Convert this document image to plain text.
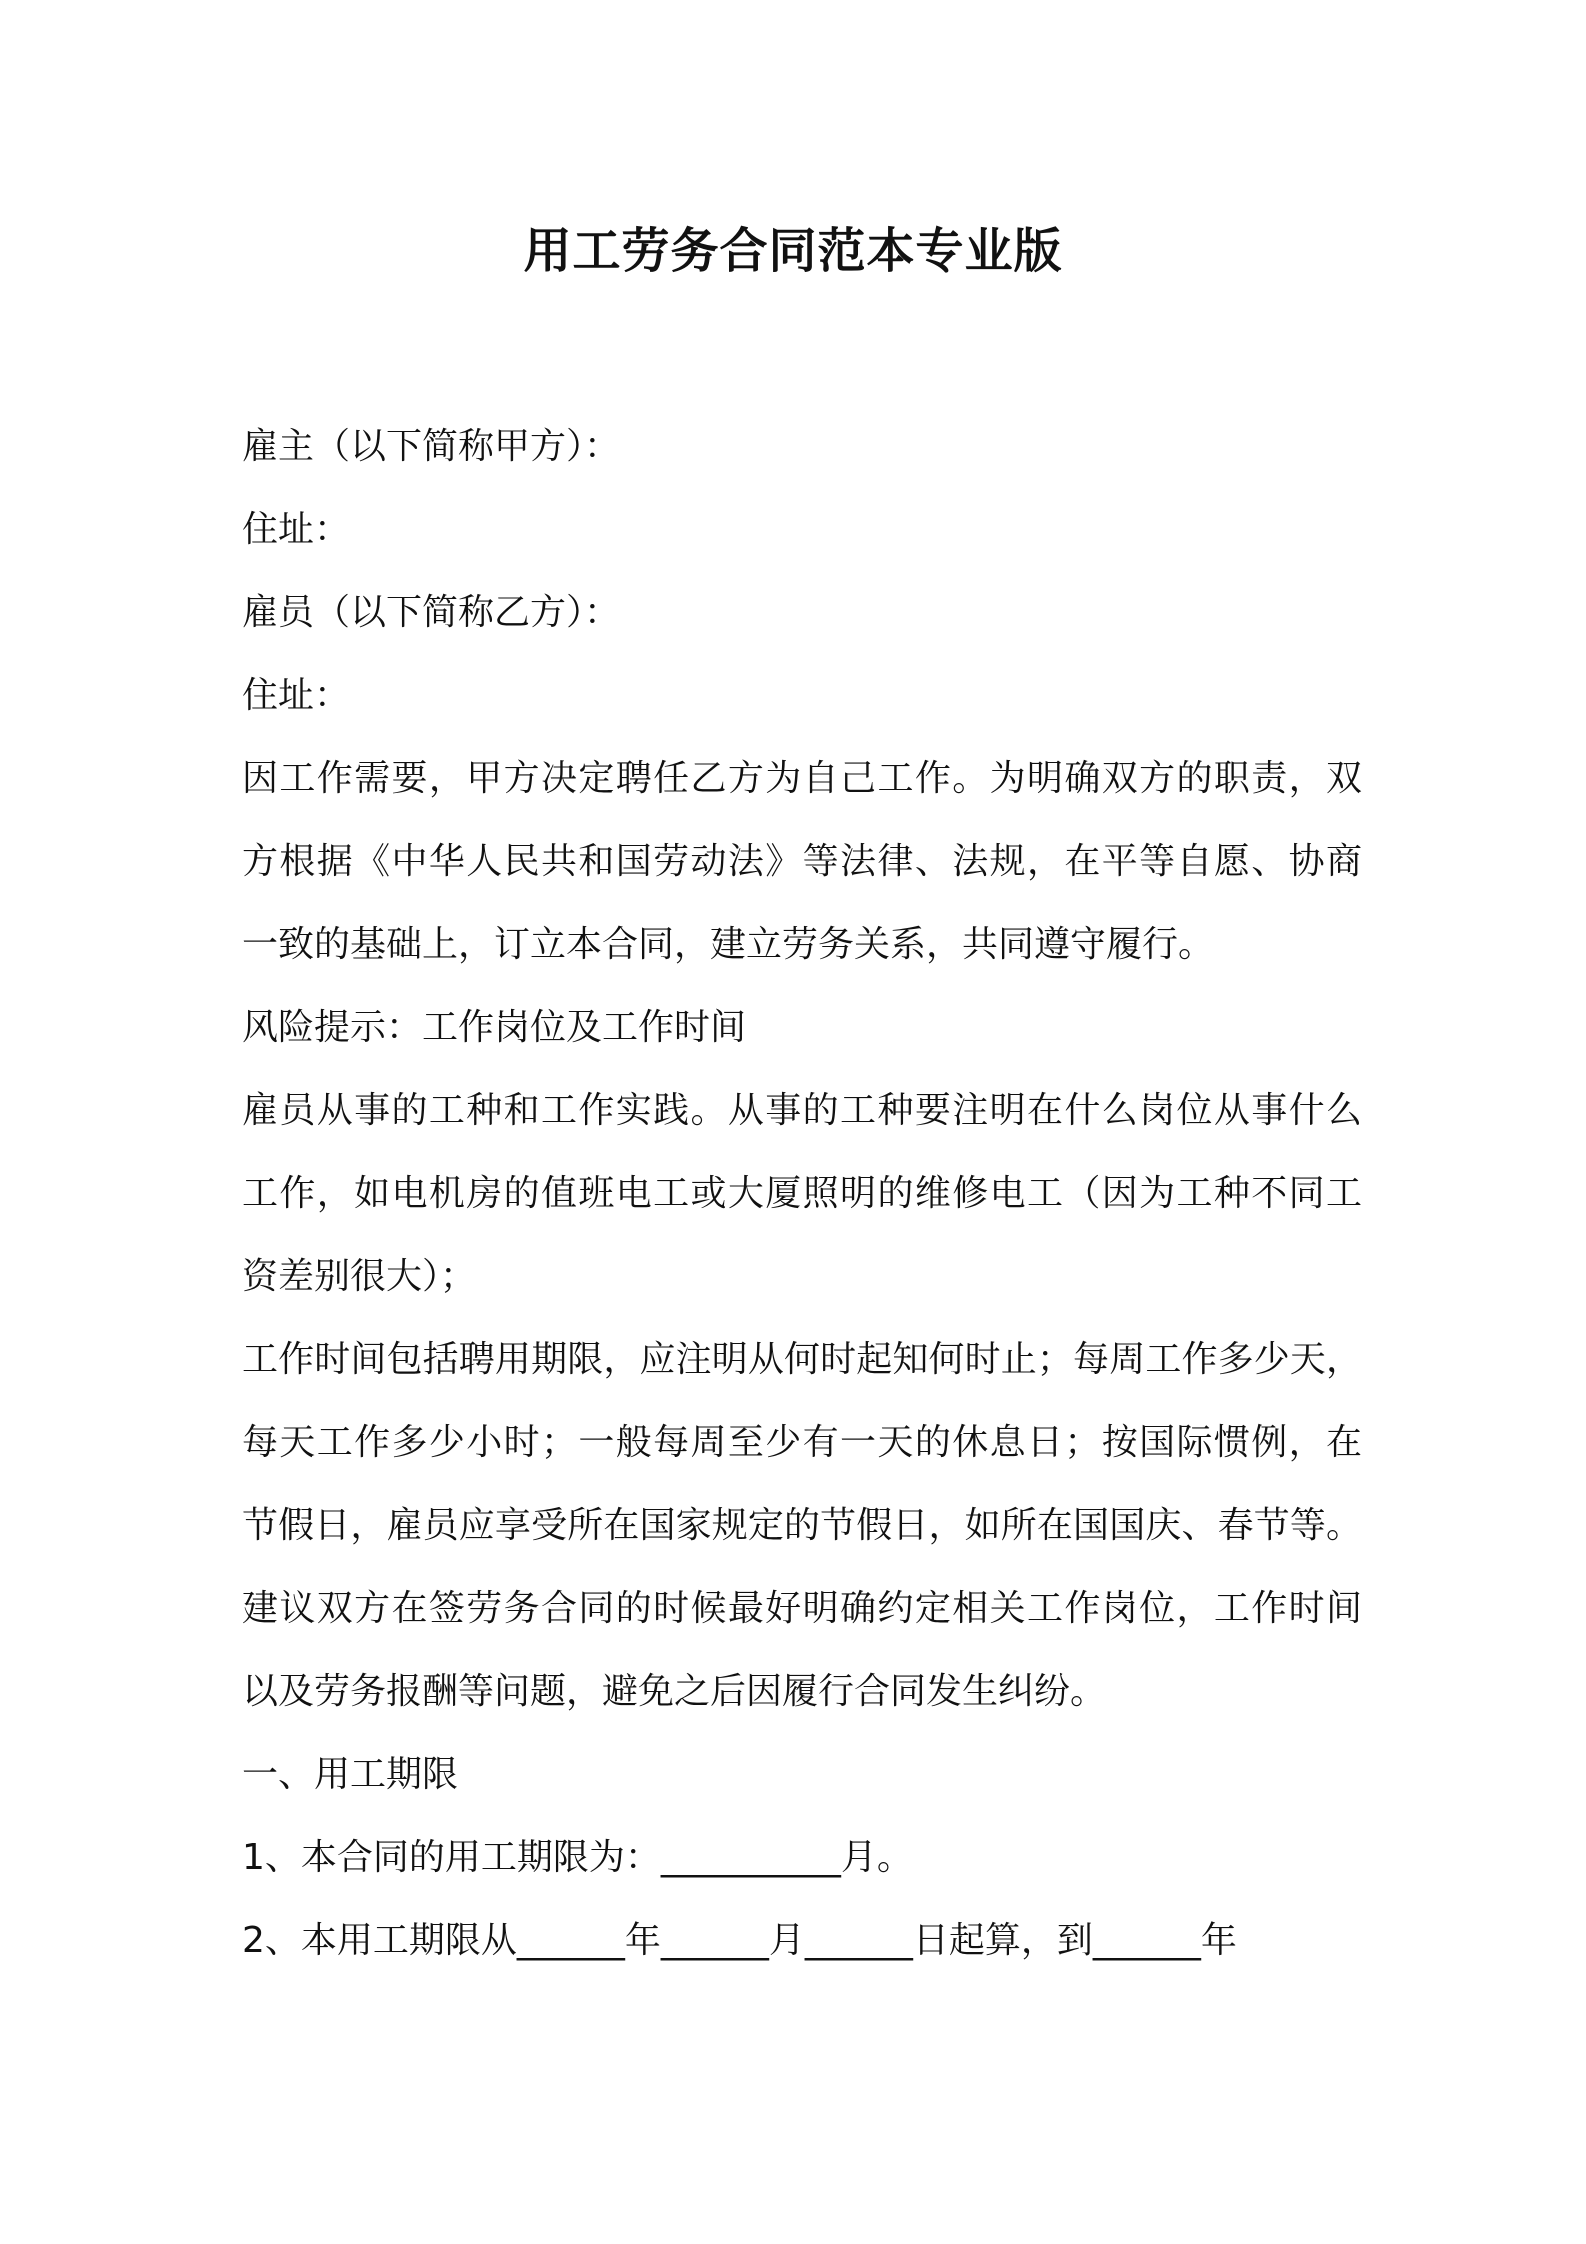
用工劳务合同范本专业版
雇主（以下简称甲方）：
住址：
雇员（以下简称乙方）：
住址：
因工作需要，甲方决定聘任乙方为自己工作。为明确双方的职责，双
方根据《中华人民共和国劳动法》等法律、法规，在平等自愿、协商
一致的基础上，订立本合同，建立劳务关系，共同遵守履行。
风险提示：工作岗位及工作时间
雇员从事的工种和工作实践。从事的工种要注明在什么岗位从事什么
工作，如电机房的值班电工或大厦照明的维修电工（因为工种不同工
资差别很大）；
工作时间包括聘用期限，应注明从何时起知何时止；每周工作多少天，
每天工作多少小时；一般每周至少有一天的休息日；按国际惯例，在
节假日，雇员应享受所在国家规定的节假日，如所在国国庆、春节等。
建议双方在签劳务合同的时候最好明确约定相关工作岗位，工作时间
以及劳务报酬等问题，避免之后因履行合同发生纠纷。
一、用工期限
1、本合同的用工期限为：__________月。
2、本用工期限从______年______月______日起算，到______年
